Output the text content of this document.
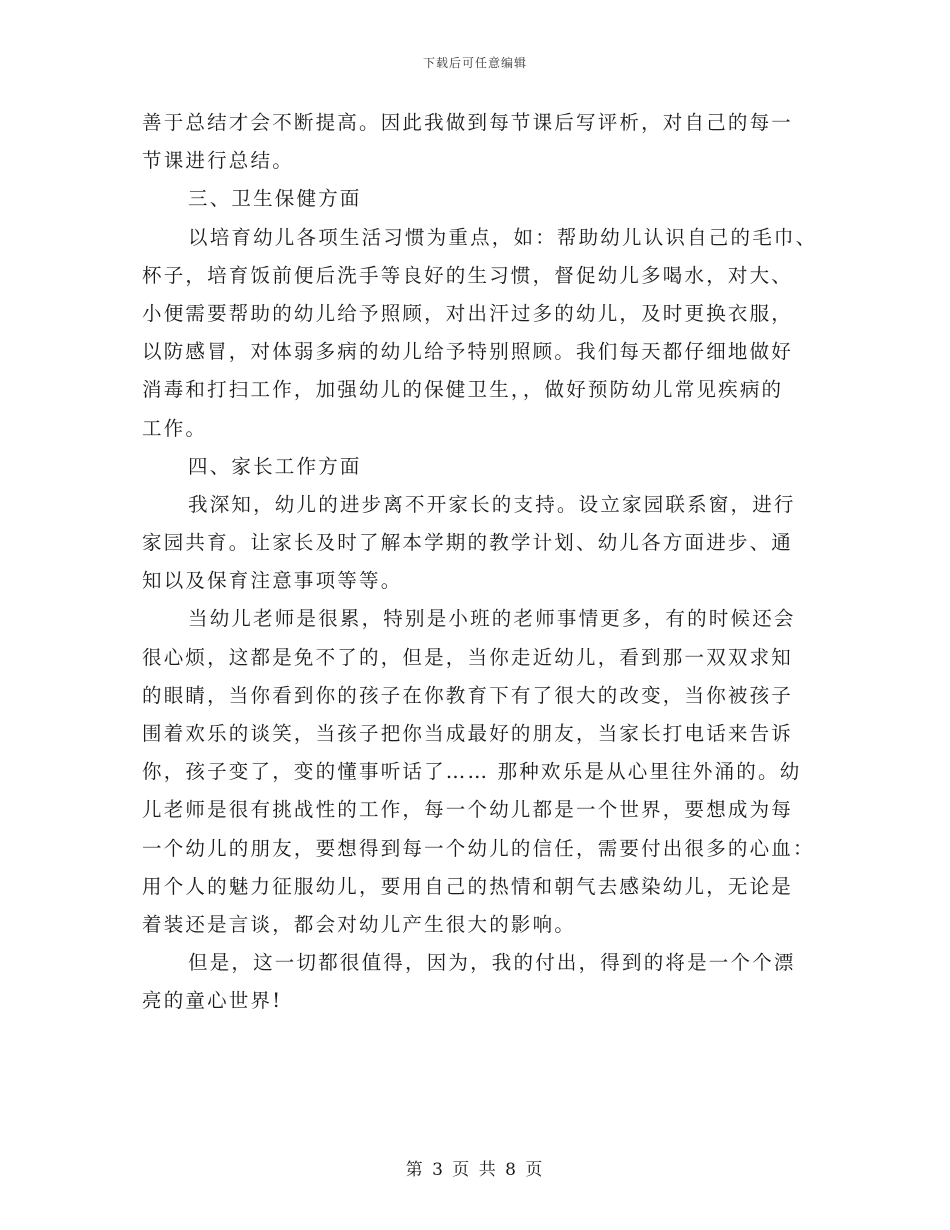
下载后可任意编辑
善于总结才会不断提高。因此我做到每节课后写评析，对自己的每一
节课进行总结。
三、卫生保健方面
以培育幼儿各项生活习惯为重点，如：帮助幼儿认识自己的毛巾、
杯子，培育饭前便后洗手等良好的生习惯，督促幼儿多喝水，对大、
小便需要帮助的幼儿给予照顾，对出汗过多的幼儿，及时更换衣服，
以防感冒，对体弱多病的幼儿给予特别照顾。我们每天都仔细地做好
消毒和打扫工作，加强幼儿的保健卫生，，做好预防幼儿常见疾病的
工作。
四、家长工作方面
我深知，幼儿的进步离不开家长的支持。设立家园联系窗，进行
家园共育。让家长及时了解本学期的教学计划、幼儿各方面进步、通
知以及保育注意事项等等。
当幼儿老师是很累，特别是小班的老师事情更多，有的时候还会
很心烦，这都是免不了的，但是，当你走近幼儿，看到那一双双求知
的眼睛，当你看到你的孩子在你教育下有了很大的改变，当你被孩子
围着欢乐的谈笑，当孩子把你当成最好的朋友，当家长打电话来告诉
你，孩子变了，变的懂事听话了…… 那种欢乐是从心里往外涌的。幼
儿老师是很有挑战性的工作，每一个幼儿都是一个世界，要想成为每
一个幼儿的朋友，要想得到每一个幼儿的信任，需要付出很多的心血：
用个人的魅力征服幼儿，要用自己的热情和朝气去感染幼儿，无论是
着装还是言谈，都会对幼儿产生很大的影响。
但是，这一切都很值得，因为，我的付出，得到的将是一个个漂
亮的童心世界!
第 3 页 共 8 页
